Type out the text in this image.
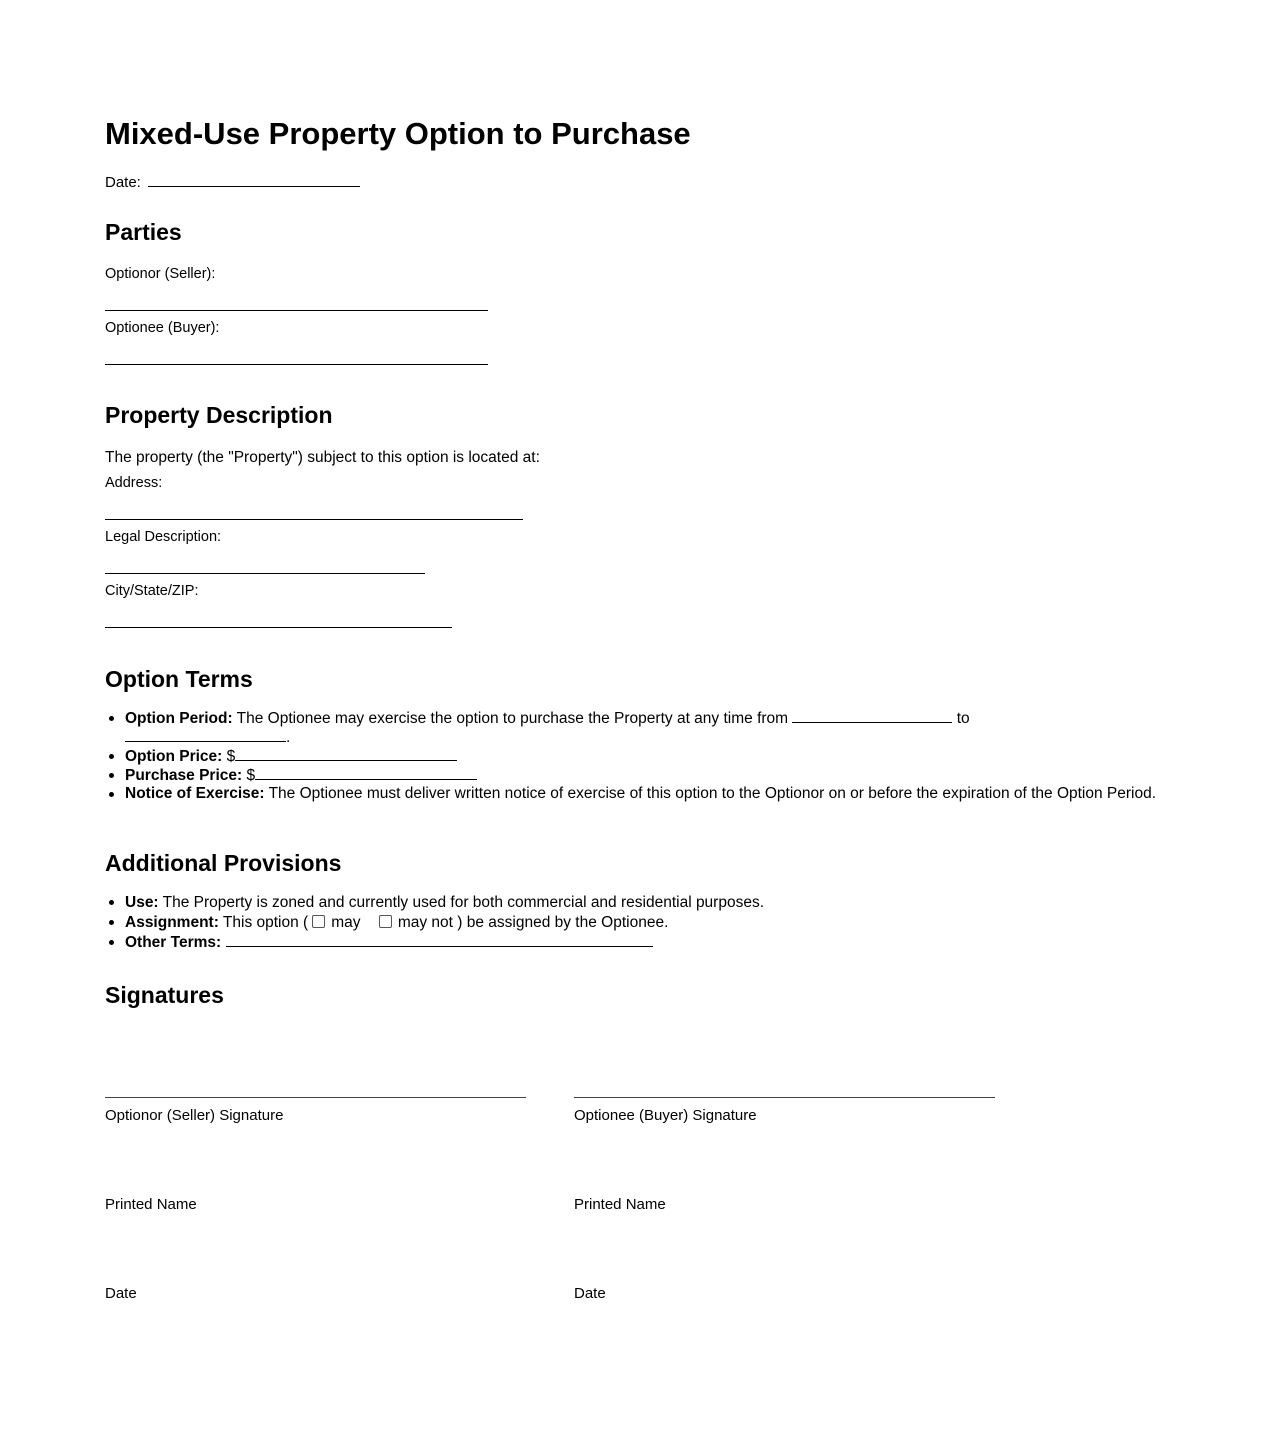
Mixed-Use Property Option to Purchase
Date:
Parties
Optionor (Seller):
Optionee (Buyer):
Property Description
The property (the "Property") subject to this option is located at:
Address:
Legal Description:
City/State/ZIP:
Option Terms
Option Period: The Optionee may exercise the option to purchase the Property at any time from	to
.
Option Price: $
Purchase Price: $
Notice of Exercise: The Optionee must deliver written notice of exercise of this option to the Optionor on or before the expiration of the Option Period.
Additional Provisions
Use: The Property is zoned and currently used for both commercial and residential purposes.
Assignment: This option ( may may not ) be assigned by the Optionee.
Other Terms:
Signatures
Optionor (Seller) Signature
Printed Name
Date
Optionee (Buyer) Signature
Printed Name
Date
